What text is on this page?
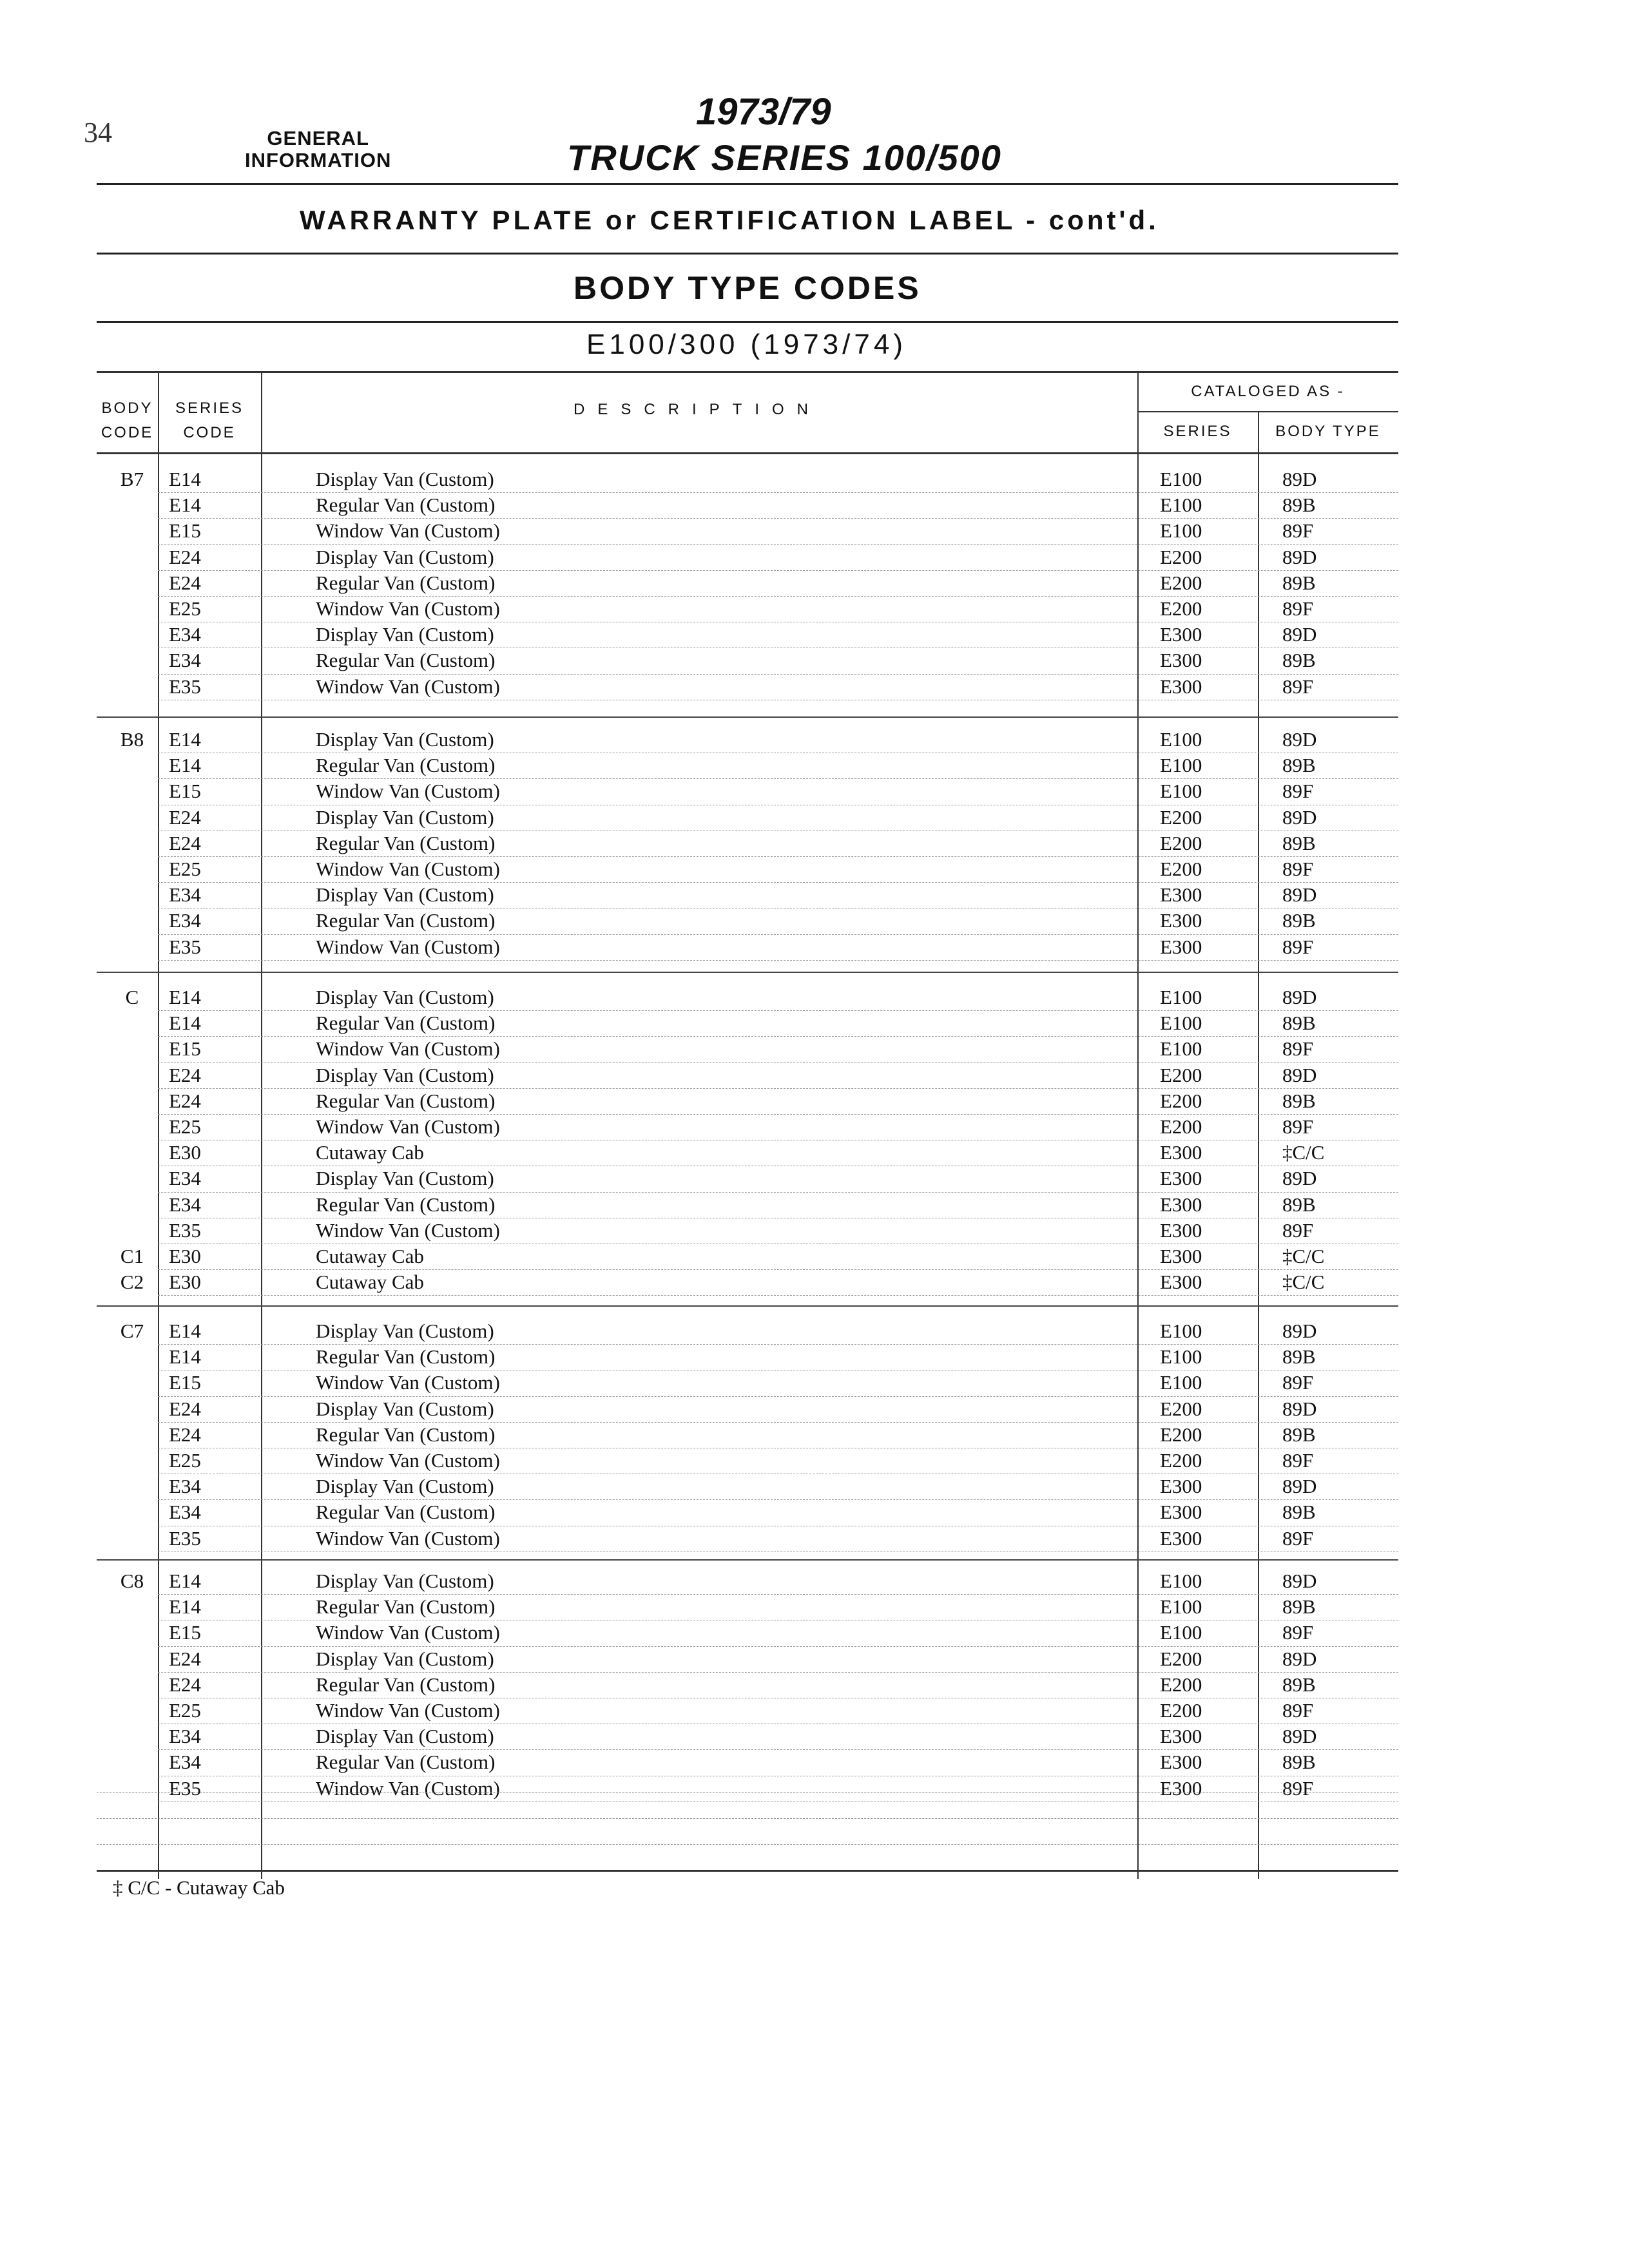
34	GENERAL
INFORMATION
1973/79
TRUCK SERIES 100/500
WARRANTY PLATE or CERTIFICATION LABEL - cont'd.
BODY TYPE CODES
E100/300 (1973/74)
BODY
CODE
SERIES
CODE
DESCRIPTION
CATALOGED AS -
SERIES	BODY TYPE
B7	E14	Display Van (Custom)	E100	89D
E14	Regular Van (Custom)	E100	89B
E15	Window Van (Custom)	E100	89F
E24	Display Van (Custom)	E200	89D
E24	Regular Van (Custom)	E200	89B
E25	Window Van (Custom)	E200	89F
E34	Display Van (Custom)	E300	89D
E34	Regular Van (Custom)	E300	89B
E35	Window Van (Custom)	E300	89F
B8	E14	Display Van (Custom)	E100	89D
E14	Regular Van (Custom)	E100	89B
E15	Window Van (Custom)	E100	89F
E24	Display Van (Custom)	E200	89D
E24	Regular Van (Custom)	E200	89B
E25	Window Van (Custom)	E200	89F
E34	Display Van (Custom)	E300	89D
E34	Regular Van (Custom)	E300	89B
E35	Window Van (Custom)	E300	89F
C	E14	Display Van (Custom)	E100	89D
E14	Regular Van (Custom)	E100	89B
E15	Window Van (Custom)	E100	89F
E24	Display Van (Custom)	E200	89D
E24	Regular Van (Custom)	E200	89B
E25	Window Van (Custom)	E200	89F
E30	Cutaway Cab	E300	‡C/C
E34	Display Van (Custom)	E300	89D
E34	Regular Van (Custom)	E300	89B
E35	Window Van (Custom)	E300	89F
C1	E30	Cutaway Cab	E300	‡C/C
C2	E30	Cutaway Cab	E300	‡C/C
C7	E14	Display Van (Custom)	E100	89D
E14	Regular Van (Custom)	E100	89B
E15	Window Van (Custom)	E100	89F
E24	Display Van (Custom)	E200	89D
E24	Regular Van (Custom)	E200	89B
E25	Window Van (Custom)	E200	89F
E34	Display Van (Custom)	E300	89D
E34	Regular Van (Custom)	E300	89B
E35	Window Van (Custom)	E300	89F
C8	E14	Display Van (Custom)	E100	89D
E14	Regular Van (Custom)	E100	89B
E15	Window Van (Custom)	E100	89F
E24	Display Van (Custom)	E200	89D
E24	Regular Van (Custom)	E200	89B
E25	Window Van (Custom)	E200	89F
E34	Display Van (Custom)	E300	89D
E34	Regular Van (Custom)	E300	89B
E35	Window Van (Custom)	E300	89F
‡ C/C - Cutaway Cab
